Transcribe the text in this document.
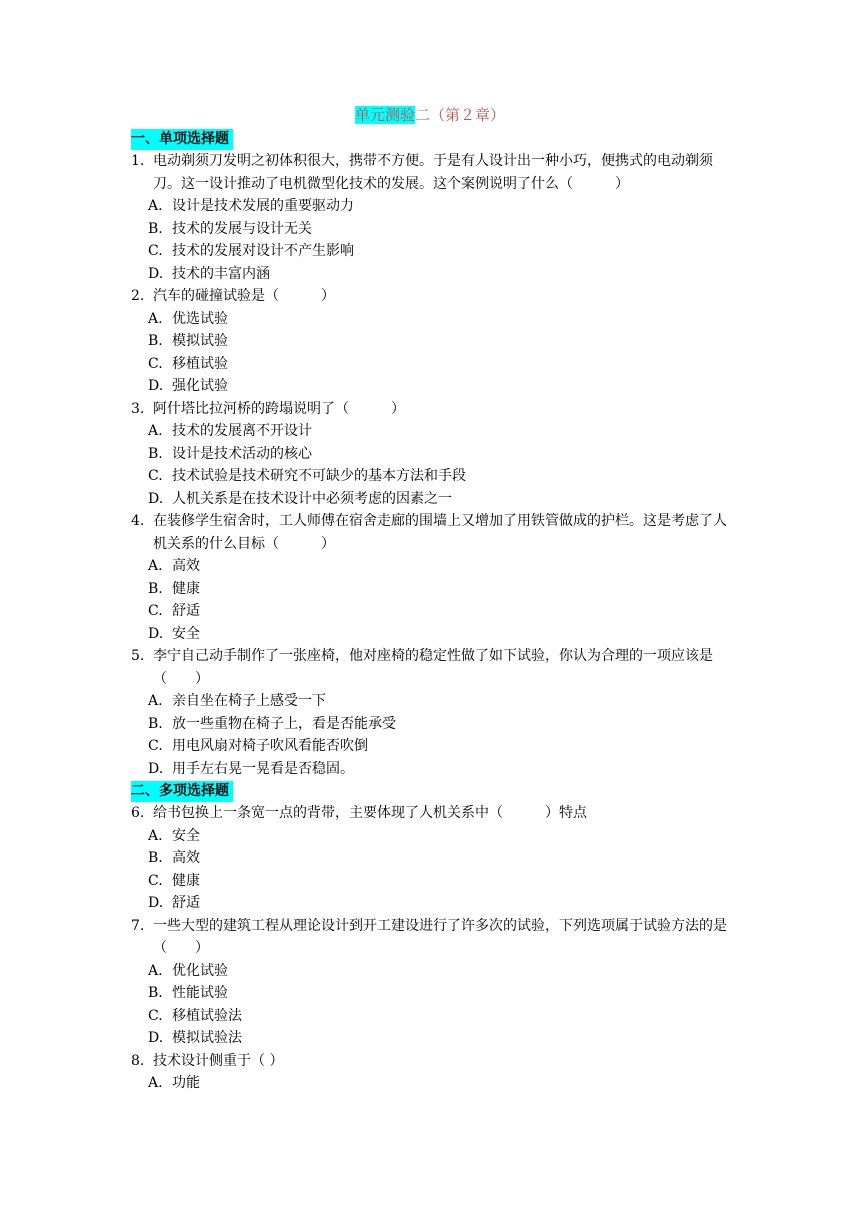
单元测验二（第２章）
一、单项选择题
1. 电动剃须刀发明之初体积很大，携带不方便。于是有人设计出一种小巧，便携式的电动剃须刀。这一设计推动了电机微型化技术的发展。这个案例说明了什么（　　　）
A. 设计是技术发展的重要驱动力
B. 技术的发展与设计无关
C. 技术的发展对设计不产生影响
D. 技术的丰富内涵
2. 汽车的碰撞试验是（　　　）
A. 优选试验
B. 模拟试验
C. 移植试验
D. 强化试验
3. 阿什塔比拉河桥的跨塌说明了（　　　）
A. 技术的发展离不开设计
B. 设计是技术活动的核心
C. 技术试验是技术研究不可缺少的基本方法和手段
D. 人机关系是在技术设计中必须考虑的因素之一
4. 在装修学生宿舍时，工人师傅在宿舍走廊的围墙上又增加了用铁管做成的护栏。这是考虑了人机关系的什么目标（　　　）
A. 高效
B. 健康
C. 舒适
D. 安全
5. 李宁自己动手制作了一张座椅，他对座椅的稳定性做了如下试验，你认为合理的一项应该是（　　）
A. 亲自坐在椅子上感受一下
B. 放一些重物在椅子上，看是否能承受
C. 用电风扇对椅子吹风看能否吹倒
D. 用手左右晃一晃看是否稳固。
二、多项选择题
6. 给书包换上一条宽一点的背带，主要体现了人机关系中（　　　）特点
A. 安全
B. 高效
C. 健康
D. 舒适
7. 一些大型的建筑工程从理论设计到开工建设进行了许多次的试验，下列选项属于试验方法的是（　　）
A. 优化试验
B. 性能试验
C. 移植试验法
D. 模拟试验法
8. 技术设计侧重于（ ）
A. 功能
